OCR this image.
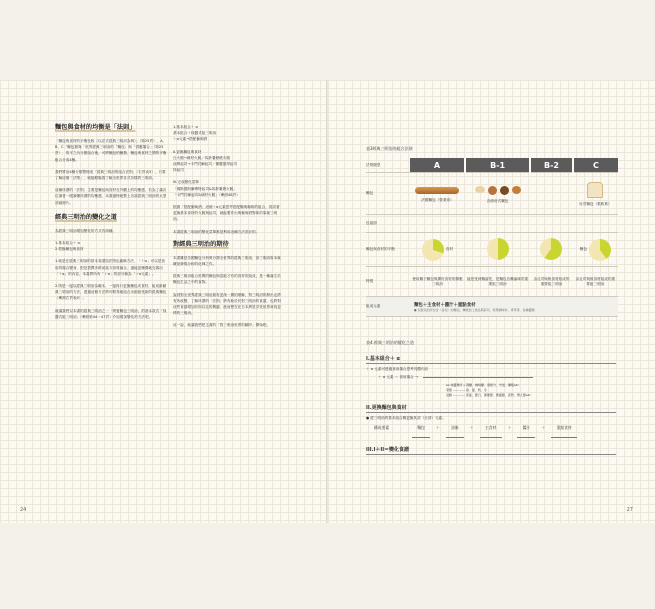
麵包與食材的均衡是「法則」
「麵包與食材的平衡比較（以法式經典三明治為例）」（第25頁），A、B、C「麵包類與「世界經典三明治的「麵包」與「供應場合」（第25頁），的平之內分類組合後，可將麵包的種類、麵包與食材之間的平衡組合分成4種。
我們將這4種分類整理成「經典三明治的組合法則」（右頁表3）。只要了解這個「法則」，就能輕鬆看了解全世界各式各樣的三明治。
這種所謂的「法則」主要是麵包與食材在外觀上的均衡感，若為了讓各位讀者一眼讀懂所謂的均衡感，本書還特地整上各款經典三明治的大型詳細照片。
經典三明治的變化之道
為經典三明治增加變化的方式有兩種。
1.基本組合＋ α
2.替換麵包與食材
1.就是在經典三明治的基本食譜加法則也確稱方法，「＋α」可以是食用的場合變身，把是搭擇多路前當今食材融合，還能更擁費地完義出「＋α」的內容，本書將所有「＋α」的部分稱為「＋α元素」。
2.則是一邊以經典三明治為範本，一邊再行更換麵包或食材，組成新穎典三明治的方法，透過這個方法將可輕易地組合出創意受新的經典麵包（參照右頁表4）。
就讓我們以本書的經典三明治之一「烤夏麵包三明治」的基本款式「抹醬式組三明治」（參照第44～47頁）介紹增加變化的方法吧。
1.基本組合＋ α
基本組合＋抹醬式組三明治
＋α元素→搭配葡萄酒
II.更換麵包與食材
白火腿→燻材火腿／馬鈴薯煙燒火腿
涂牌起司→卡門貝爾起司／佛羅德昂起司
持起司
III.完成變化菜單
「佛斯德阿爾博特起司&馬鈴薯燒火腿」
「卡門貝爾起司&燻材火腿」（參照48頁）
根據「搭配葡萄酒」這個＋α元素思考搭配麵與咖啡的組合，再試著更換基本食材的火腿與起司，就能製作出與葡萄酒對味的原創三明治。
本書經典三明治的變化菜單都是利用這種方法設計的。
對經典三明治的期待
本書雖是各國麵包分析與分類全世界的經典三明治，但三明治原本就擁是發現分析的化肆之作。
經典三明治組合世間的麵包與富地才有的食材所組成，是一種滿生於麵包生活之中的食物。
說到對全世界經典三明治最有更深一層的理解，對三明治的發出也將有所改變，了解所謂的「法則」將有助於於對三明治的食譜，也將對這些食譜增加有別以往的興趣，進而想在在日本異是享受世界尋找更棒的三明治。
這一說，就讓我們把主書的「對三明治世界的翻印」開始吧。
24	27
表3經典三明治的組合法則
法則類型	A	B-1	B-2	C
麵包	法國麵包（營業家）	各廚房式麵包		吐司麵包（柔軟系）

包裝面				
麵包與食材的平衡	食材			麵包

特徵	使用麵子麵包與廣份食材的優雅三明治	能是受到麵當性，是麵包各麵偏味的重要組三明治	由社司與般食材組成的重要組三明治	由社司與般食材組成的重要組三明治
組成元素	麵包＋主食材＋醬汁＋重點食材
● 包裝包的所包含（各包）的麵包，傳統加工食品與起司、特殊調味料、青草等、各種醬類			
表4.經典三明治的變化之道
I.基本組合＋ α
＋ α 元素可透過食用場合思考具體內容
＋ α 元素 ＝ 食用場合 →
ex.抹醬場所→ 餐廳、咖啡廳、酒館分、外送、攤販etc.
季節 ———— 春、夏、秋、冬
活動 ———— 喜宴、節日、萬聖節、聖誕節、派對、情人節etc.
II.更換麵包與食材
● 經三明治的基本組合概更換其部（全部）元素。
構成要素	麵包	＋	油脂	＋	主食材	＋	醬汁	＋	重點食材
III.I＋II＝變化食譜
